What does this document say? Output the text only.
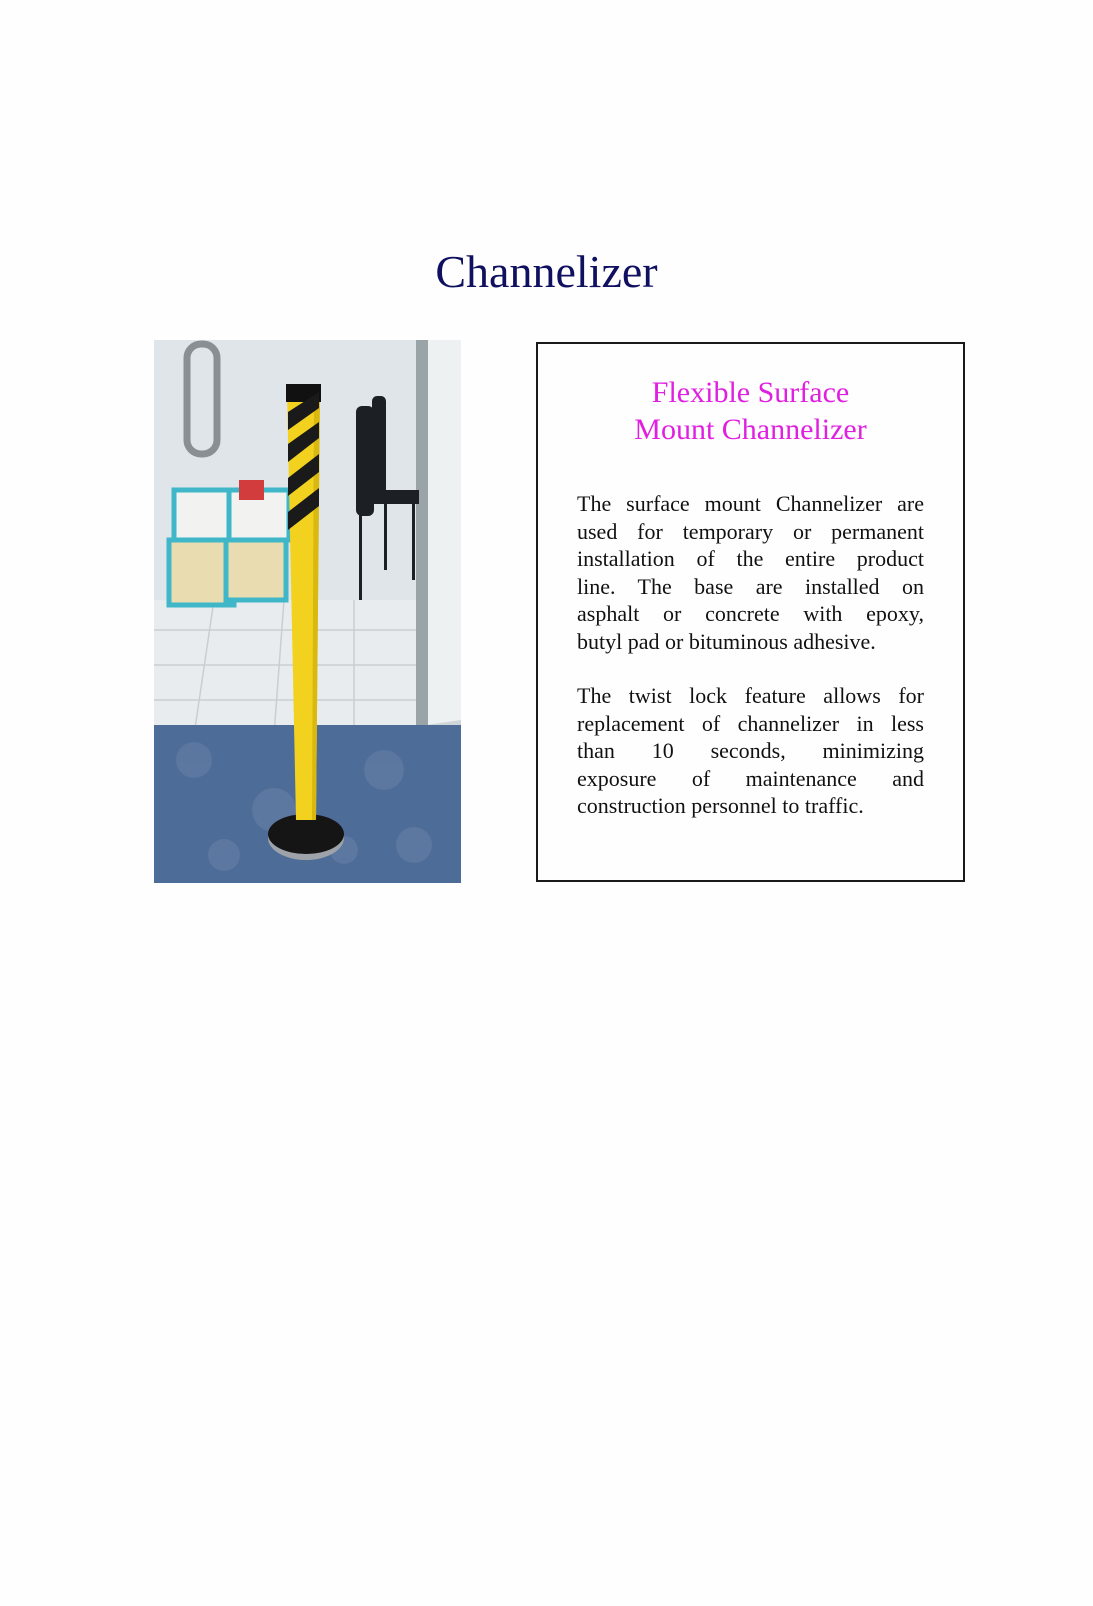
Channelizer
Flexible Surface
Mount Channelizer
The surface mount Channelizer are
used for temporary or permanent
installation of the entire product
line. The base are installed on
asphalt or concrete with epoxy,
butyl pad or bituminous adhesive.
The twist lock feature allows for
replacement of channelizer in less
than 10 seconds, minimizing
exposure of maintenance and
construction personnel to traffic.
